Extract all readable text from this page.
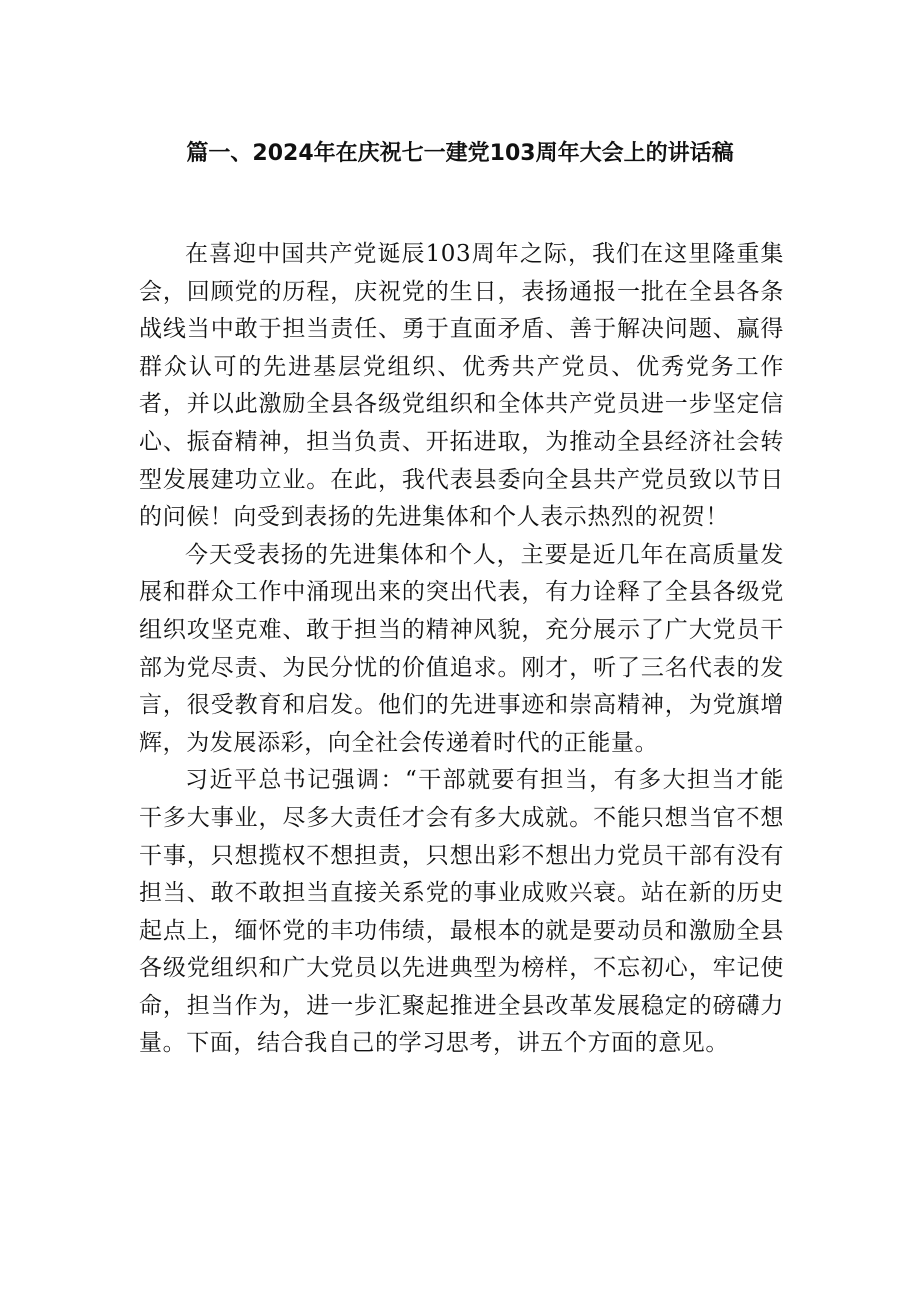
篇一、2024年在庆祝七一建党103周年大会上的讲话稿

在喜迎中国共产党诞辰103周年之际，我们在这里隆重集会，回顾党的历程，庆祝党的生日，表扬通报一批在全县各条战线当中敢于担当责任、勇于直面矛盾、善于解决问题、赢得群众认可的先进基层党组织、优秀共产党员、优秀党务工作者，并以此激励全县各级党组织和全体共产党员进一步坚定信心、振奋精神，担当负责、开拓进取，为推动全县经济社会转型发展建功立业。在此，我代表县委向全县共产党员致以节日的问候！向受到表扬的先进集体和个人表示热烈的祝贺！

今天受表扬的先进集体和个人，主要是近几年在高质量发展和群众工作中涌现出来的突出代表，有力诠释了全县各级党组织攻坚克难、敢于担当的精神风貌，充分展示了广大党员干部为党尽责、为民分忧的价值追求。刚才，听了三名代表的发言，很受教育和启发。他们的先进事迹和崇高精神，为党旗增辉，为发展添彩，向全社会传递着时代的正能量。

习近平总书记强调：“干部就要有担当，有多大担当才能干多大事业，尽多大责任才会有多大成就。不能只想当官不想干事，只想揽权不想担责，只想出彩不想出力党员干部有没有担当、敢不敢担当直接关系党的事业成败兴衰。站在新的历史起点上，缅怀党的丰功伟绩，最根本的就是要动员和激励全县各级党组织和广大党员以先进典型为榜样，不忘初心，牢记使命，担当作为，进一步汇聚起推进全县改革发展稳定的磅礴力量。下面，结合我自己的学习思考，讲五个方面的意见。
